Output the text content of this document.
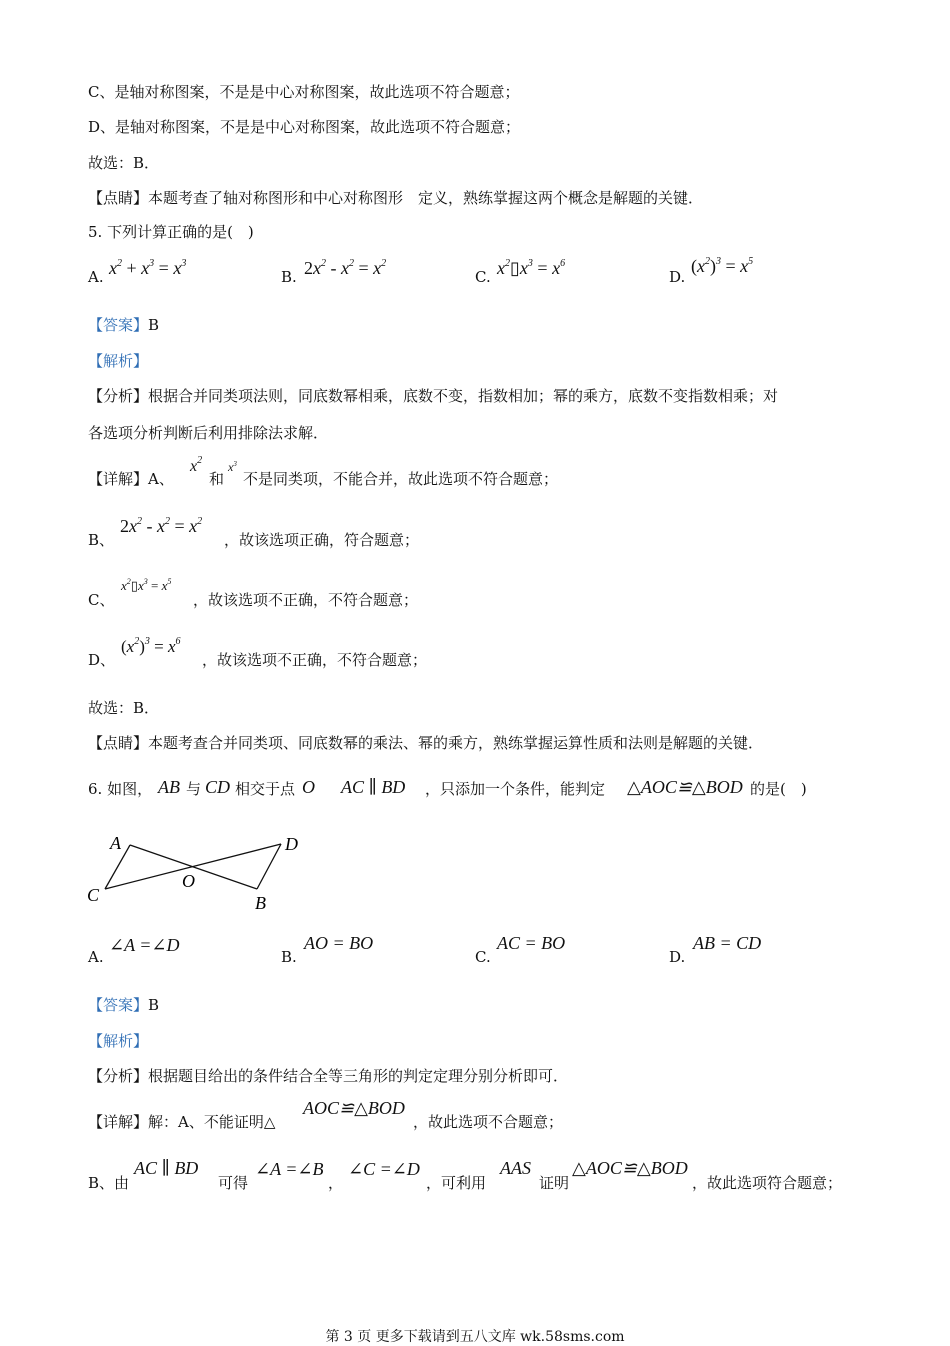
C、是轴对称图案，不是是中心对称图案，故此选项不符合题意；
D、是轴对称图案，不是是中心对称图案，故此选项不符合题意；
故选：B．
【点睛】本题考查了轴对称图形和中心对称图形　定义，熟练掌握这两个概念是解题的关键．
5. 下列计算正确的是(　)
A. $x^2 + x^3 = x^3$
B. $2x^2 - x^2 = x^2$
C. $x^2▯x^3 = x^6$
D.
$(x^2)^3 = x^5$
【答案】B
【解析】
【分析】根据合并同类项法则，同底数幂相乘，底数不变，指数相加；幂的乘方，底数不变指数相乘；对
各选项分析判断后利用排除法求解．
【详解】A、
$x^2$
和
$x^3$
不是同类项，不能合并，故此选项不符合题意；
B、
$2x^2 - x^2 = x^2$
，故该选项正确，符合题意；
C、
$x^2▯x^3 = x^5$
，故该选项不正确，不符合题意；
D、
$(x^2)^3 = x^6$
，故该选项不正确，不符合题意；
故选：B．
【点睛】本题考查合并同类项、同底数幂的乘法、幂的乘方，熟练掌握运算性质和法则是解题的关键．
6. 如图， AB 与 CD 相交于点 O AC ∥ BD ，只添加一个条件，能判定 △AOC≌△BOD 的是(　)
A	D
C
O
B
A.
∠A =∠D
B.
AO = BO
C.
AC = BO
D.
AB = CD
【答案】B
【解析】
【分析】根据题目给出的条件结合全等三角形的判定定理分别分析即可．
【详解】解：A、不能证明△
AOC≌△BOD
，故此选项不合题意；
B、由
AC ∥ BD
可得
∠A =∠B
，
∠C =∠D
，可利用
AAS
证明
△AOC≌△BOD
，故此选项符合题意；
第 3 页 更多下载请到五八文库 wk.58sms.com
